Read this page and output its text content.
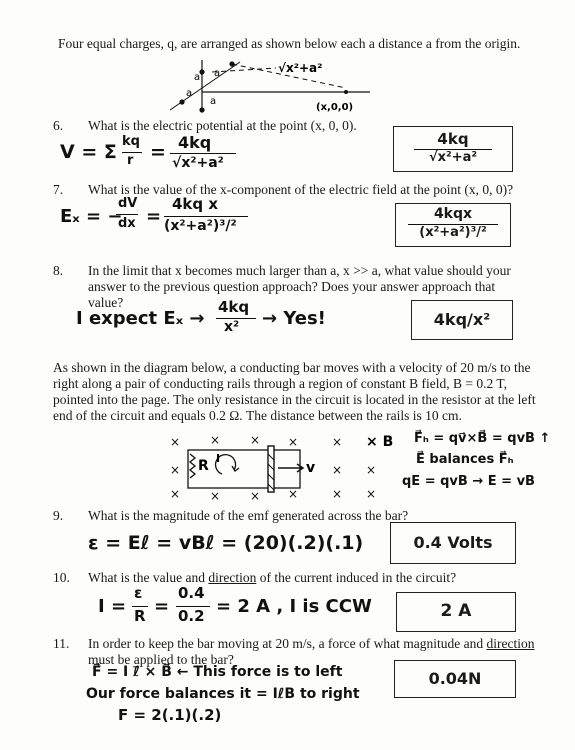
Four equal charges, q, are arranged as shown below each a distance a from the origin.
a a
a
a
√x²+a²
(x,0,0)
6. What is the electric potential at the point (x, 0, 0).
V = Σ kq
r = 4kq
√x²+a²
4kq
√x²+a²
7. What is the value of the x-component of the electric field at the point (x, 0, 0)?
Eₓ = −
dV
dx =
4kq x
(x²+a²)³/²
4kqx
(x²+a²)³/²
8. In the limit that x becomes much larger than a, x >> a, what value should your
answer to the previous question approach? Does your answer approach that
value?
I expect Eₓ →
4kq
x² → Yes!	4kq/x²
As shown in the diagram below, a conducting bar moves with a velocity of 20 m/s to the
right along a pair of conducting rails through a region of constant B field, B = 0.2 T,
pointed into the page. The only resistance in the circuit is located in the resistor at the left
end of the circuit and equals 0.2 Ω. The distance between the rails is 10 cm.
× × × ×	×
×	× ×
× × × ×	× ×
R I
v
× B F⃗ₕ = qv⃗×B⃗ = qvB ↑
E⃗ balances F⃗ₕ
qE = qvB → E = vB
9. What is the magnitude of the emf generated across the bar?
ε = Eℓ = vBℓ = (20)(.2)(.1)	0.4 Volts
10. What is the value and direction of the current induced in the circuit?
I =
ε
R =
0.4
0.2 = 2 A , I is CCW	2 A
11. In order to keep the bar moving at 20 m/s, a force of what magnitude and direction
must be applied to the bar?
F⃗ = I ℓ⃗ × B⃗ ← This force is to left
Our force balances it = IℓB to right
F = 2(.1)(.2)
0.04N
